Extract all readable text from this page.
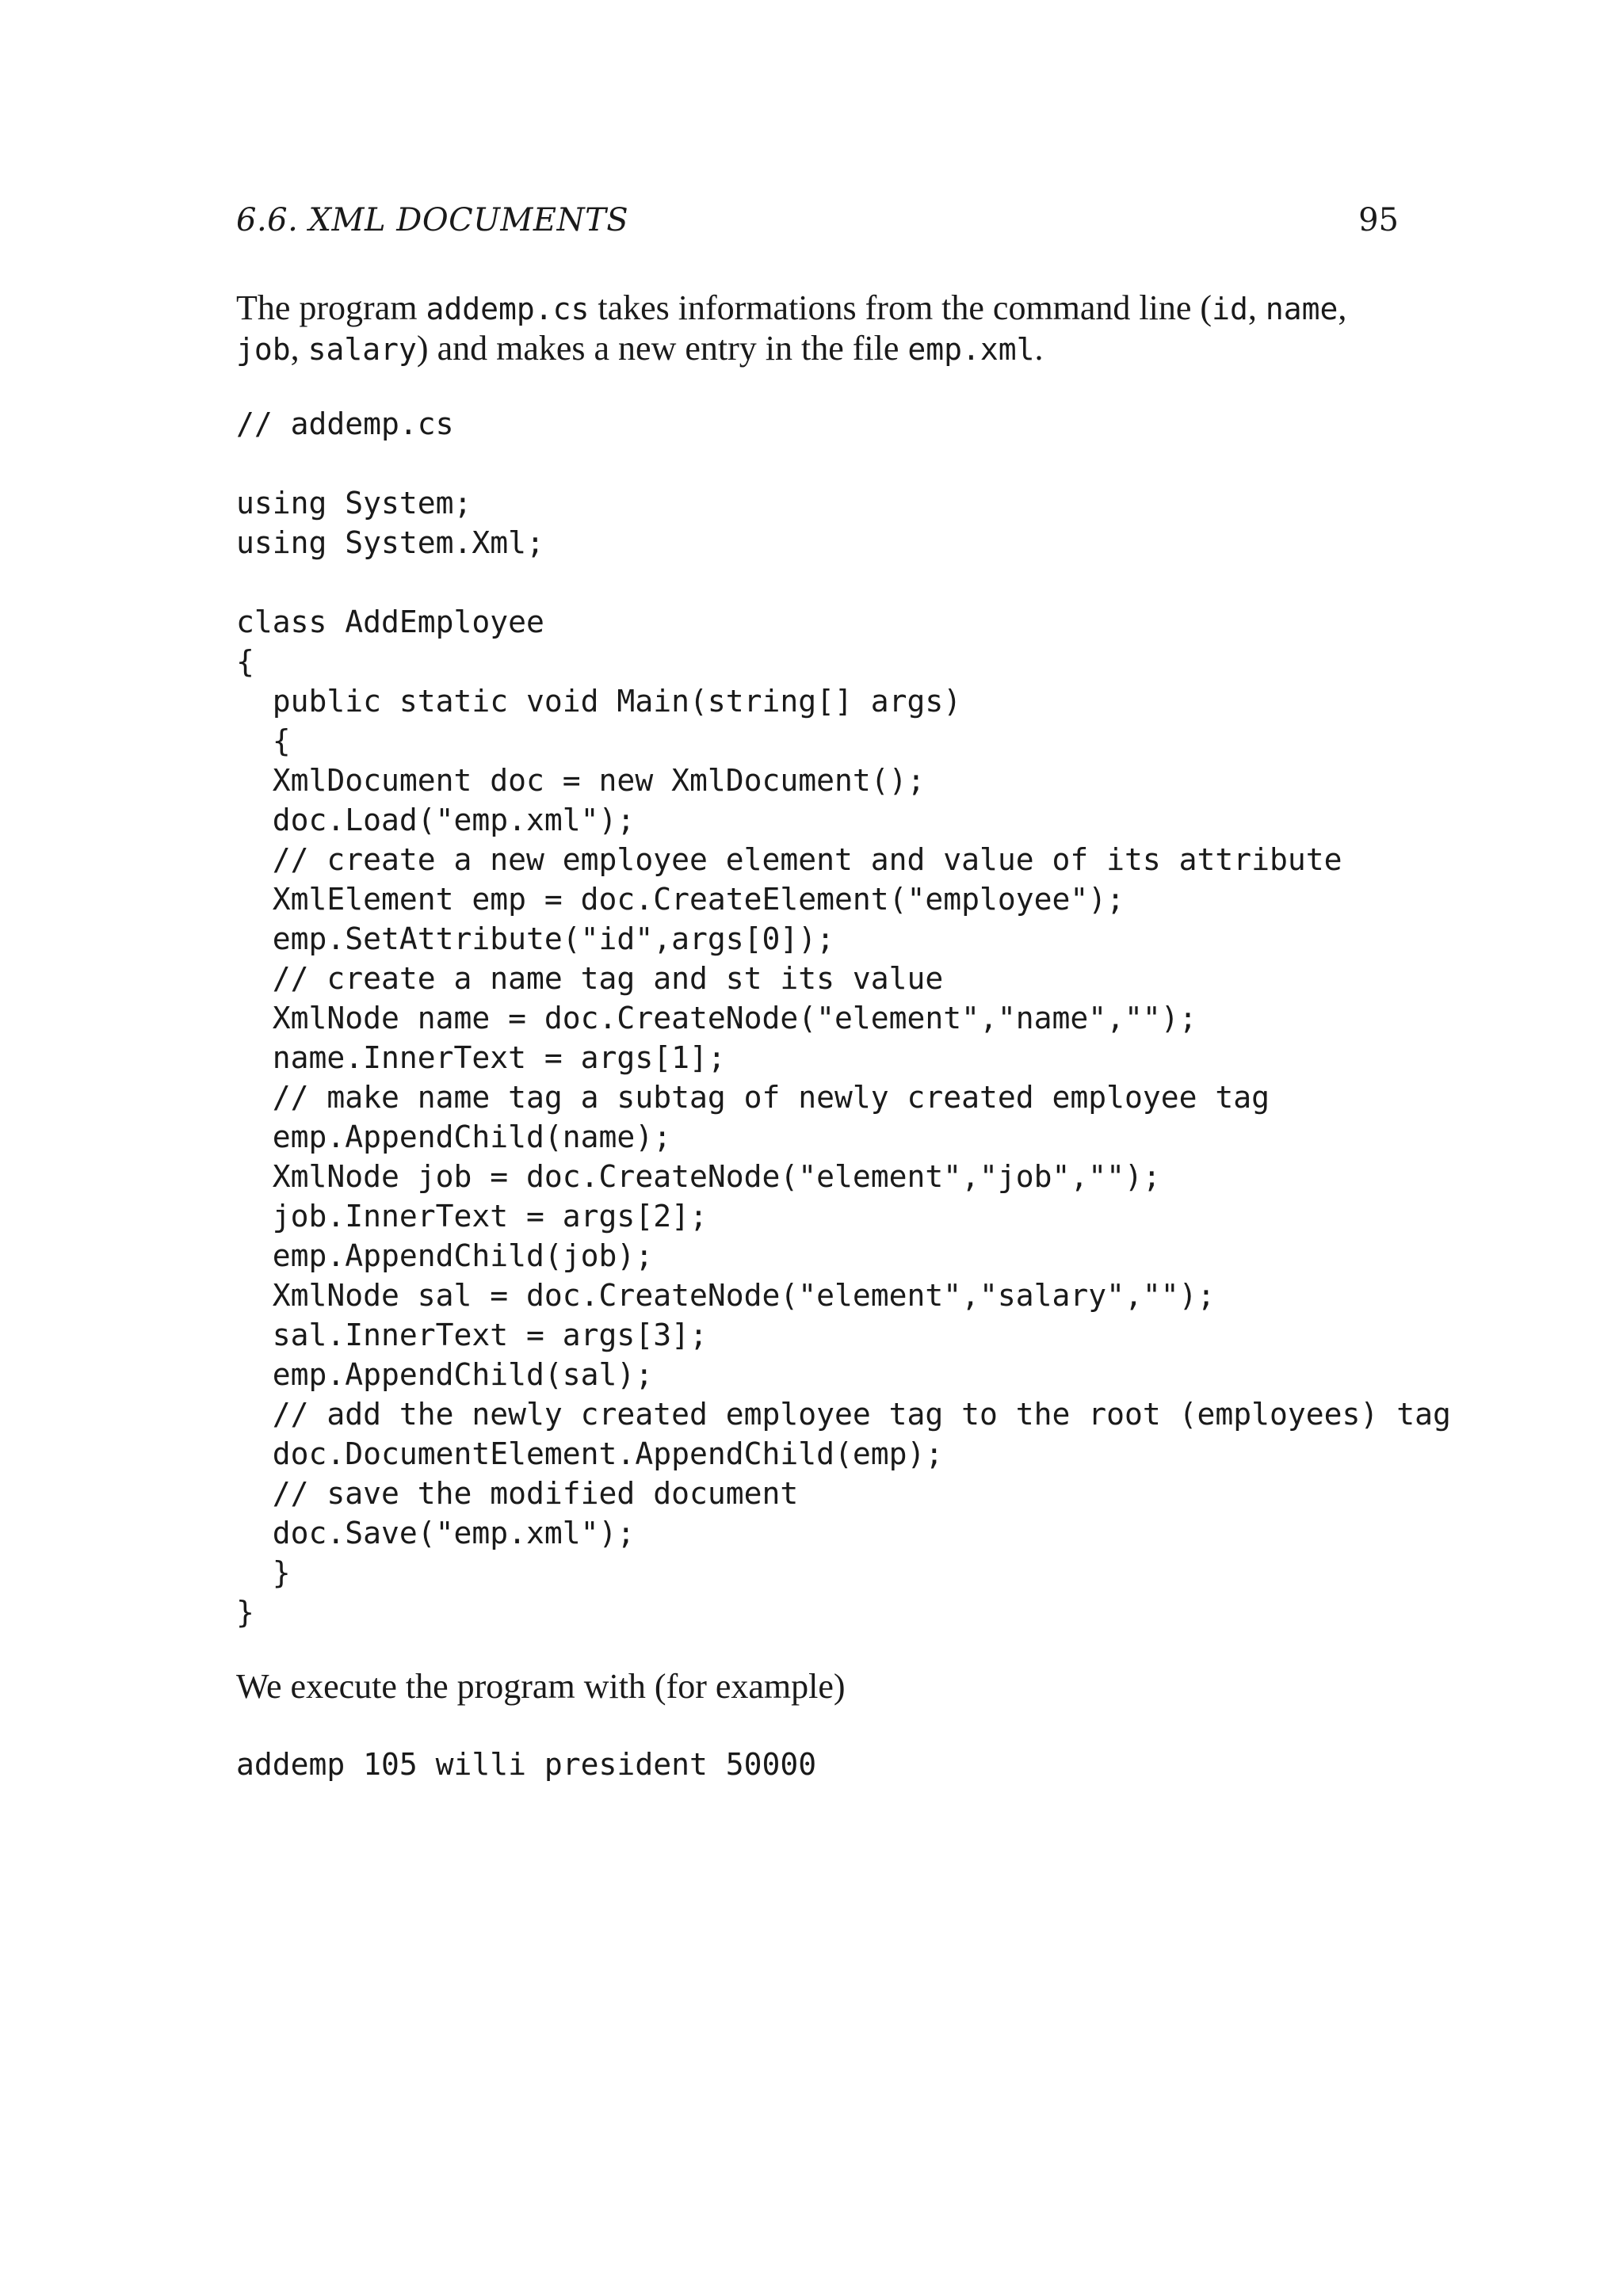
6.6. XML DOCUMENTS	95

The program addemp.cs takes informations from the command line (id, name, job, salary) and makes a new entry in the file emp.xml.

// addemp.cs
using System;
using System.Xml;
class AddEmployee
{
public static void Main(string[] args)
{
XmlDocument doc = new XmlDocument();
doc.Load("emp.xml");
// create a new employee element and value of its attribute
XmlElement emp = doc.CreateElement("employee");
emp.SetAttribute("id",args[0]);
// create a name tag and st its value
XmlNode name = doc.CreateNode("element","name","");
name.InnerText = args[1];
// make name tag a subtag of newly created employee tag
emp.AppendChild(name);
XmlNode job = doc.CreateNode("element","job","");
job.InnerText = args[2];
emp.AppendChild(job);
XmlNode sal = doc.CreateNode("element","salary","");
sal.InnerText = args[3];
emp.AppendChild(sal);
// add the newly created employee tag to the root (employees) tag
doc.DocumentElement.AppendChild(emp);
// save the modified document
doc.Save("emp.xml");
}
}

We execute the program with (for example)

addemp 105 willi president 50000
